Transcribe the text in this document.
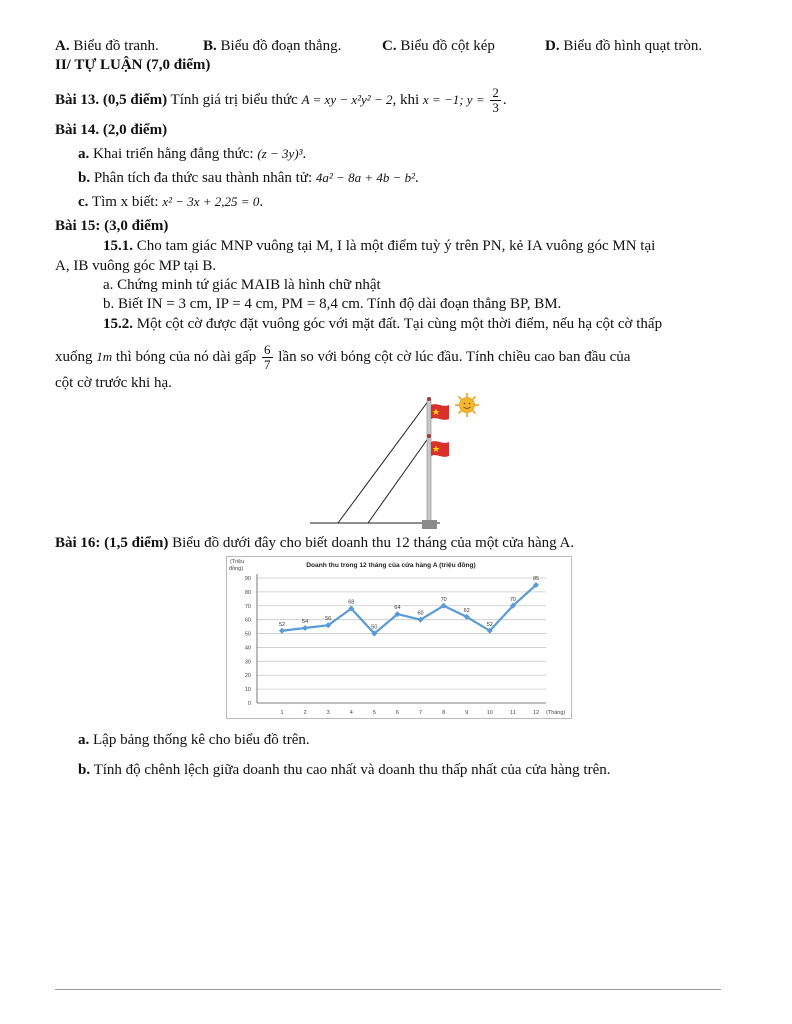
A. Biểu đồ tranh.	B. Biểu đồ đoạn thẳng.	C. Biểu đồ cột kép	D. Biểu đồ hình quạt tròn.
II/ TỰ LUẬN (7,0 điểm)
Bài 13. (0,5 điểm) Tính giá trị biểu thức A = xy − x²y² − 2, khi x = −1; $y = \frac{2}{3}$ .
Bài 14. (2,0 điểm)
a. Khai triển hằng đẳng thức: (z − 3y)³.
b. Phân tích đa thức sau thành nhân tử: 4a² − 8a + 4b − b².
c. Tìm x biết: x² − 3x + 2,25 = 0.
Bài 15: (3,0 điểm)
15.1. Cho tam giác MNP vuông tại M, I là một điểm tuỳ ý trên PN, kẻ IA vuông góc MN tại
A, IB vuông góc MP tại B.
a. Chứng minh tứ giác MAIB là hình chữ nhật
b. Biết IN = 3 cm, IP = 4 cm, PM = 8,4 cm. Tính độ dài đoạn thẳng BP, BM.
15.2. Một cột cờ được đặt vuông góc với mặt đất. Tại cùng một thời điểm, nếu hạ cột cờ thấp
xuống 1m thì bóng của nó dài gấp $\frac{6}{7}$ lần so với bóng cột cờ lúc đầu. Tính chiều cao ban đầu của
cột cờ trước khi hạ.
Bài 16: (1,5 điểm) Biểu đồ dưới đây cho biết doanh thu 12 tháng của một cửa hàng A.
Doanh thu trong 12 tháng của cửa hàng A (triệu đồng)
(Triệu
đồng)
(Tháng)
0
10
20
30
40
50
60
70
80
90
1	2	3	4	5	6	7	8	9	10	11	12
52	54	56
68
50
64
60
70
62
52
70
85
a. Lập bảng thống kê cho biểu đồ trên.
b. Tính độ chênh lệch giữa doanh thu cao nhất và doanh thu thấp nhất của cửa hàng trên.
